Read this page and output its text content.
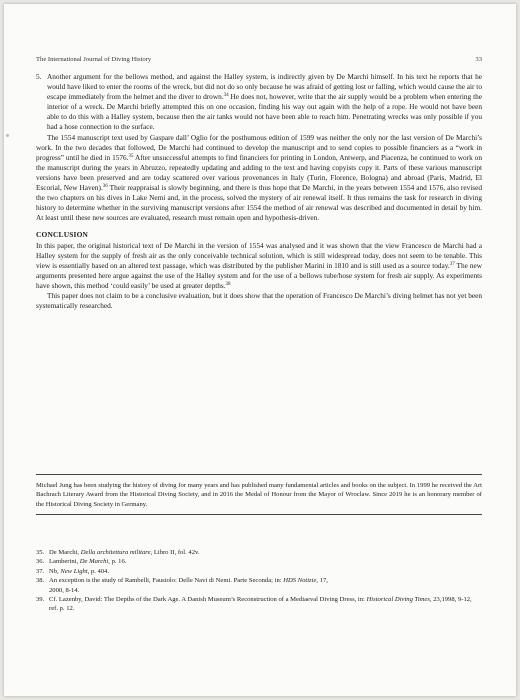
The International Journal of Diving History	33
5. Another argument for the bellows method, and against the Halley system, is indirectly given by De Marchi himself. In his text he reports that he would have liked to enter the rooms of the wreck, but did not do so only because he was afraid of getting lost or falling, which would cause the air to escape immediately from the helmet and the diver to drown.$^{34}$ He does not, however, write that the air supply would be a problem when entering the interior of a wreck. De Marchi briefly attempted this on one occasion, finding his way out again with the help of a rope. He would not have been able to do this with a Halley system, because then the air tanks would not have been able to reach him. Penetrating wrecks was only possible if you had a hose connection to the surface.

The 1554 manuscript text used by Gaspare dall’ Oglio for the posthumous edition of 1599 was neither the only nor the last version of De Marchi’s work. In the two decades that followed, De Marchi had continued to develop the manuscript and to send copies to possible financiers as a “work in progress” until he died in 1576.35 After unsuccessful attempts to find financiers for printing in London, Antwerp, and Piacenza, he continued to work on the manuscript during the years in Abruzzo, repeatedly updating and adding to the text and having copyists copy it. Parts of these various manuscript versions have been preserved and are today scattered over various provenances in Italy (Turin, Florence, Bologna) and abroad (Paris, Madrid, El Escorial, New Haven).$^{36}$ Their reappraisal is slowly beginning, and there is thus hope that De Marchi, in the years between 1554 and 1576, also revised the two chapters on his dives in Lake Nemi and, in the process, solved the mystery of air renewal itself. It thus remains the task for research in diving history to determine whether in the surviving manuscript versions after 1554 the method of air renewal was described and documented in detail by him. At least until these new sources are evaluated, research must remain open and hypothesis-driven.

CONCLUSION

In this paper, the original historical text of De Marchi in the version of 1554 was analysed and it was shown that the view Francesco de Marchi had a Halley system for the supply of fresh air as the only conceivable technical solution, which is still widespread today, does not seem to be tenable. This view is essentially based on an altered text passage, which was distributed by the publisher Marini in 1810 and is still used as a source today.$^{37}$ The new arguments presented here argue against the use of the Halley system and for the use of a bellows tube/hose system for fresh air supply. As experiments have shown, this method ‘could easily’ be used at greater depths.$^{38}$

This paper does not claim to be a conclusive evaluation, but it does show that the operation of Francesco De Marchi’s diving helmet has not yet been systematically researched.

Michael Jung has been studying the history of diving for many years and has published many fundamental articles and books on the subject. In 1999 he received the Art Bachrach Literary Award from the Historical Diving Society, and in 2016 the Medal of Honour from the Mayor of Wroclaw. Since 2019 he is an honorary member of the Historical Diving Society in Germany.
35. De Marchi, Della architettura militare, Libro II, fol. 42v.
36. Lamberini, De Marchi, p. 16.
37. Nb, New Light, p. 404.
38. An exception is the study of Rambelli, Faustolo: Delle Navi di Nemi. Parte Seconda; in: HDS Notizie, 17,
2000, 8-14.
39. Cf. Lazenby, David: The Depths of the Dark Age. A Danish Museum’s Reconstruction of a Mediaeval Diving Dress, in: Historical Diving Times, 23,1998, 9-12, ref. p. 12.
